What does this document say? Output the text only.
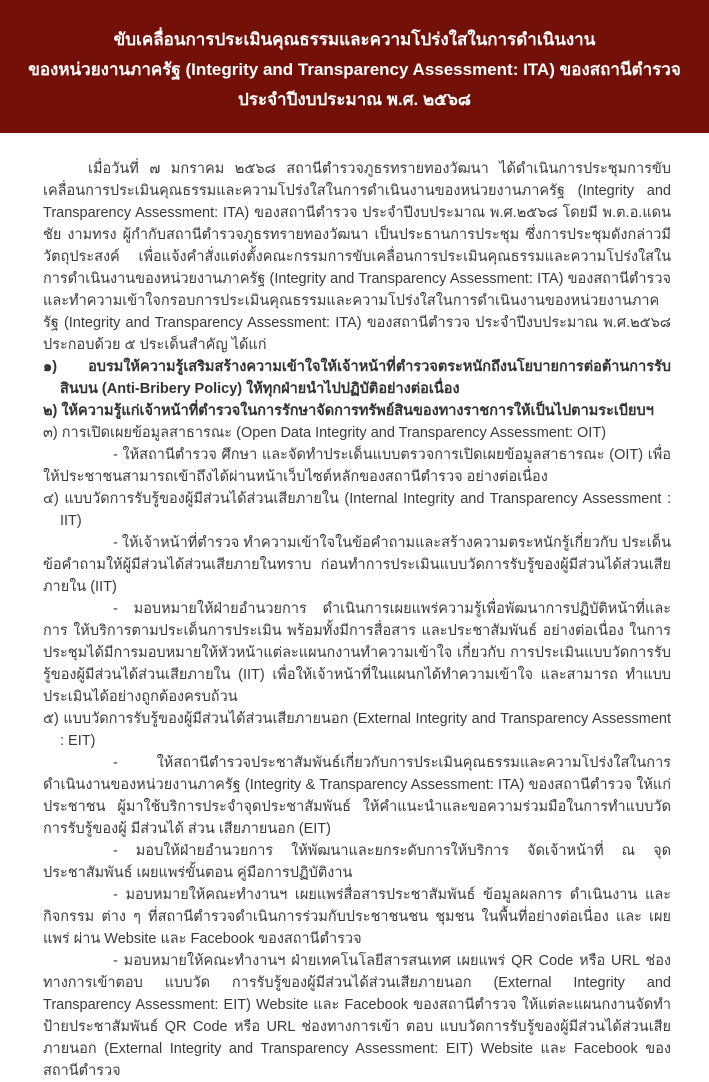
ขับเคลื่อนการประเมินคุณธรรมและความโปร่งใสในการดำเนินงาน
ของหน่วยงานภาครัฐ (Integrity and Transparency Assessment: ITA) ของสถานีตำรวจ
ประจำปีงบประมาณ พ.ศ. ๒๕๖๘

เมื่อวันที่ ๗ มกราคม ๒๕๖๘ สถานีตำรวจภูธรทรายทองวัฒนา ได้ดำเนินการประชุมการขับเคลื่อนการประเมินคุณธรรมและความโปร่งใสในการดำเนินงานของหน่วยงานภาครัฐ (Integrity and Transparency Assessment: ITA) ของสถานีตำรวจ ประจำปีงบประมาณ พ.ศ.๒๕๖๘ โดยมี พ.ต.อ.แดนชัย งามทรง ผู้กำกับสถานีตำรวจภูธรทรายทองวัฒนา เป็นประธานการประชุม ซึ่งการประชุมดังกล่าวมีวัตถุประสงค์ เพื่อแจ้งคำสั่งแต่งตั้งคณะกรรมการขับเคลื่อนการประเมินคุณธรรมและความโปร่งใสในการดำเนินงานของหน่วยงานภาครัฐ (Integrity and Transparency Assessment: ITA) ของสถานีตำรวจ และทำความเข้าใจกรอบการประเมินคุณธรรมและความโปร่งใสในการดำเนินงานของหน่วยงานภาครัฐ (Integrity and Transparency Assessment: ITA) ของสถานีตำรวจ ประจำปีงบประมาณ พ.ศ.๒๕๖๘ ประกอบด้วย ๕ ประเด็นสำคัญ ได้แก่

๑) อบรมให้ความรู้เสริมสร้างความเข้าใจให้เจ้าหน้าที่ตำรวจตระหนักถึงนโยบายการต่อต้านการรับสินบน (Anti-Bribery Policy) ให้ทุกฝ่ายนำไปปฏิบัติอย่างต่อเนื่อง

๒) ให้ความรู้แก่เจ้าหน้าที่ตำรวจในการรักษาจัดการทรัพย์สินของทางราชการให้เป็นไปตามระเบียบฯ

๓) การเปิดเผยข้อมูลสาธารณะ (Open Data Integrity and Transparency Assessment: OIT)

- ให้สถานีตำรวจ ศึกษา และจัดทำประเด็นแบบตรวจการเปิดเผยข้อมูลสาธารณะ (OIT) เพื่อให้ประชาชนสามารถเข้าถึงได้ผ่านหน้าเว็บไซต์หลักของสถานีตำรวจ อย่างต่อเนื่อง

๔) แบบวัดการรับรู้ของผู้มีส่วนได้ส่วนเสียภายใน (Internal Integrity and Transparency Assessment : IIT)

- ให้เจ้าหน้าที่ตำรวจ ทำความเข้าใจในข้อคำถามและสร้างความตระหนักรู้เกี่ยวกับ ประเด็น ข้อคำถามให้ผู้มีส่วนได้ส่วนเสียภายในทราบ ก่อนทำการประเมินแบบวัดการรับรู้ของผู้มีส่วนได้ส่วนเสียภายใน (IIT)

- มอบหมายให้ฝ่ายอำนวยการ ดำเนินการเผยแพร่ความรู้เพื่อพัฒนาการปฏิบัติหน้าที่และการ ให้บริการตามประเด็นการประเมิน พร้อมทั้งมีการสื่อสาร และประชาสัมพันธ์ อย่างต่อเนื่อง ในการประชุมได้มีการมอบหมายให้หัวหน้าแต่ละแผนกงานทำความเข้าใจ เกี่ยวกับ การประเมินแบบวัดการรับรู้ของผู้มีส่วนได้ส่วนเสียภายใน (IIT) เพื่อให้เจ้าหน้าที่ในแผนกได้ทำความเข้าใจ และสามารถ ทำแบบประเมินได้อย่างถูกต้องครบถ้วน

๕) แบบวัดการรับรู้ของผู้มีส่วนได้ส่วนเสียภายนอก (External Integrity and Transparency Assessment : EIT)

- ให้สถานีตำรวจประชาสัมพันธ์เกี่ยวกับการประเมินคุณธรรมและความโปร่งใสในการ ดำเนินงานของหน่วยงานภาครัฐ (Integrity & Transparency Assessment: ITA) ของสถานีตำรวจ ให้แก่ ประชาชน ผู้มาใช้บริการประจำจุดประชาสัมพันธ์ ให้คำแนะนำและขอความร่วมมือในการทำแบบวัดการรับรู้ของผู้ มีส่วนได้ ส่วน เสียภายนอก (EIT)

- มอบให้ฝ่ายอำนวยการ ให้พัฒนาและยกระดับการให้บริการ จัดเจ้าหน้าที่ ณ จุด ประชาสัมพันธ์ เผยแพร่ขั้นตอน คู่มือการปฏิบัติงาน

- มอบหมายให้คณะทำงานฯ เผยแพร่สื่อสารประชาสัมพันธ์ ข้อมูลผลการ ดำเนินงาน และกิจกรรม ต่าง ๆ ที่สถานีตำรวจดำเนินการร่วมกับประชาชนชน ชุมชน ในพื้นที่อย่างต่อเนื่อง และ เผยแพร่ ผ่าน Website และ Facebook ของสถานีตำรวจ

- มอบหมายให้คณะทำงานฯ ฝ่ายเทคโนโลยีสารสนเทศ เผยแพร่ QR Code หรือ URL ช่องทางการเข้าตอบ แบบวัด การรับรู้ของผู้มีส่วนได้ส่วนเสียภายนอก (External Integrity and Transparency Assessment: EIT) Website และ Facebook ของสถานีตำรวจ ให้แต่ละแผนกงานจัดทำป้ายประชาสัมพันธ์ QR Code หรือ URL ช่องทางการเข้า ตอบ แบบวัดการรับรู้ของผู้มีส่วนได้ส่วนเสียภายนอก (External Integrity and Transparency Assessment: EIT) Website และ Facebook ของสถานีตำรวจ
